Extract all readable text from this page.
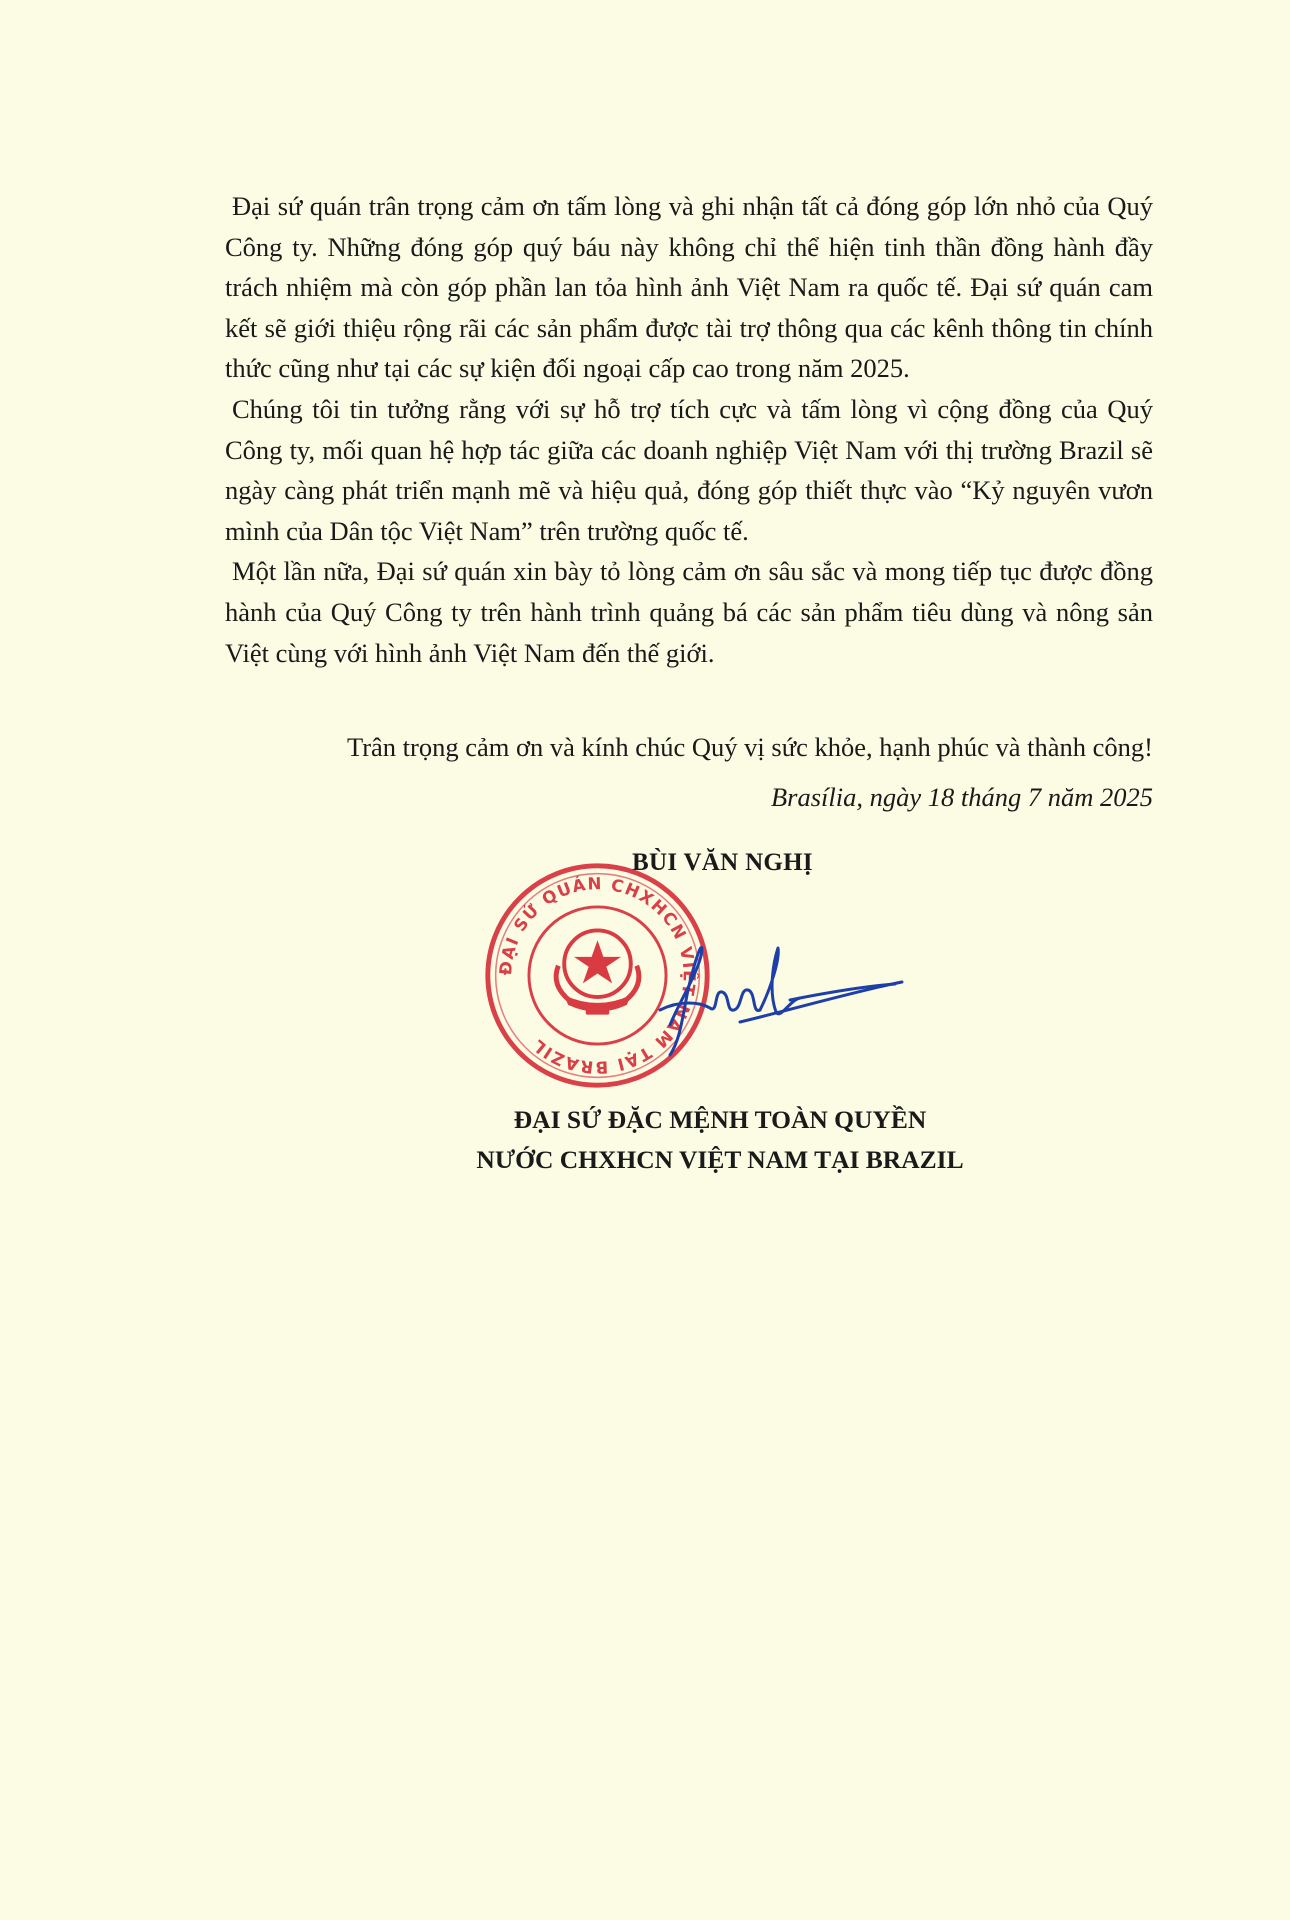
Đại sứ quán trân trọng cảm ơn tấm lòng và ghi nhận tất cả đóng góp lớn nhỏ của Quý Công ty. Những đóng góp quý báu này không chỉ thể hiện tinh thần đồng hành đầy trách nhiệm mà còn góp phần lan tỏa hình ảnh Việt Nam ra quốc tế. Đại sứ quán cam kết sẽ giới thiệu rộng rãi các sản phẩm được tài trợ thông qua các kênh thông tin chính thức cũng như tại các sự kiện đối ngoại cấp cao trong năm 2025.

Chúng tôi tin tưởng rằng với sự hỗ trợ tích cực và tấm lòng vì cộng đồng của Quý Công ty, mối quan hệ hợp tác giữa các doanh nghiệp Việt Nam với thị trường Brazil sẽ ngày càng phát triển mạnh mẽ và hiệu quả, đóng góp thiết thực vào “Kỷ nguyên vươn mình của Dân tộc Việt Nam” trên trường quốc tế.

Một lần nữa, Đại sứ quán xin bày tỏ lòng cảm ơn sâu sắc và mong tiếp tục được đồng hành của Quý Công ty trên hành trình quảng bá các sản phẩm tiêu dùng và nông sản Việt cùng với hình ảnh Việt Nam đến thế giới.

Trân trọng cảm ơn và kính chúc Quý vị sức khỏe, hạnh phúc và thành công!
Brasília, ngày 18 tháng 7 năm 2025
BÙI VĂN NGHỊ
ĐẠI SỨ QUÁN CHXHCN VIỆT NAM TẠI BRAZIL
ĐẠI SỨ ĐẶC MỆNH TOÀN QUYỀN
NƯỚC CHXHCN VIỆT NAM TẠI BRAZIL
